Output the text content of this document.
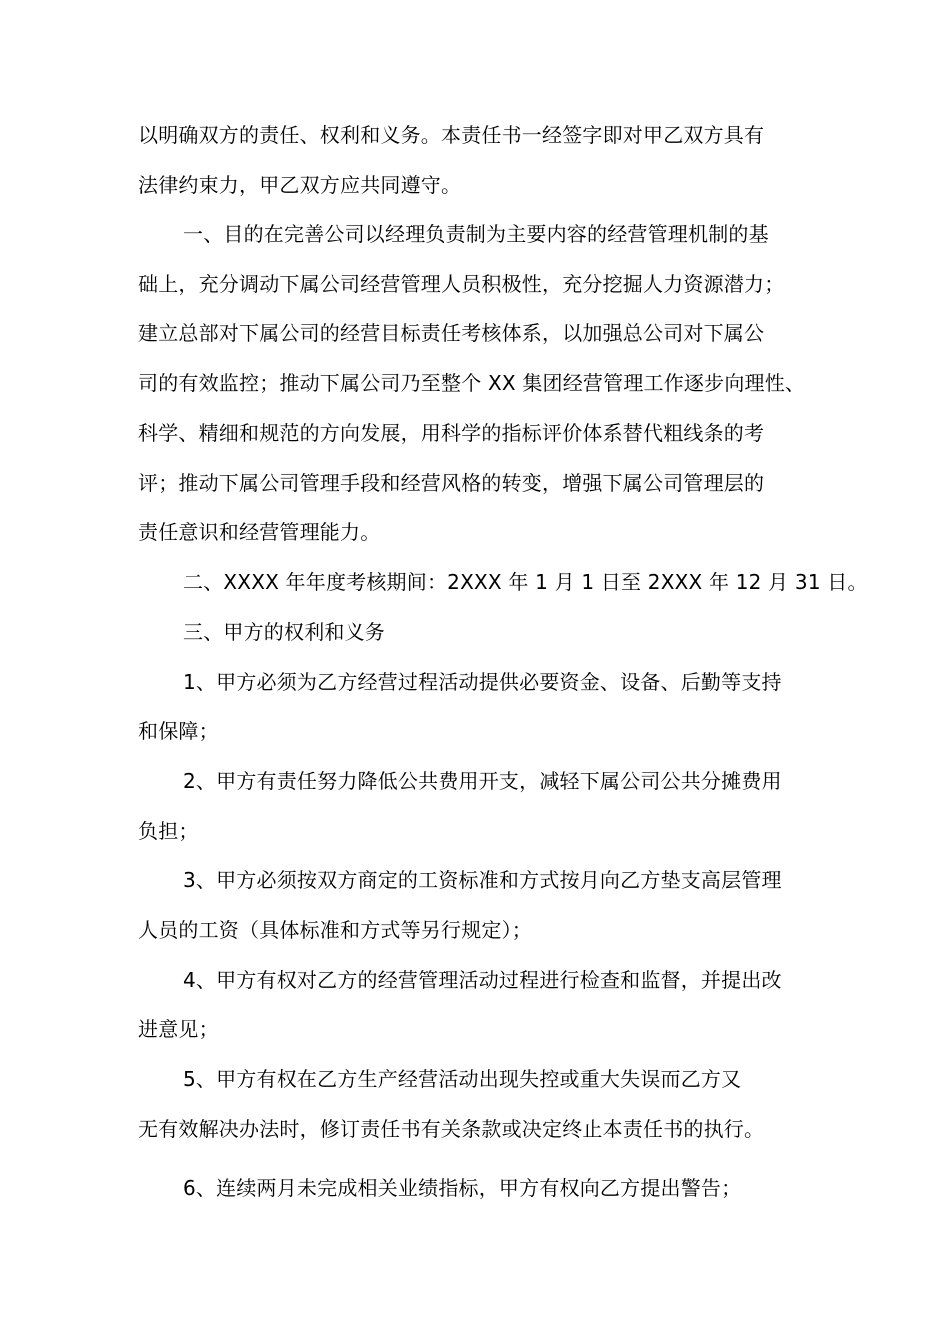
以明确双方的责任、权利和义务。本责任书一经签字即对甲乙双方具有
法律约束力，甲乙双方应共同遵守。
一、目的在完善公司以经理负责制为主要内容的经营管理机制的基
础上，充分调动下属公司经营管理人员积极性，充分挖掘人力资源潜力；
建立总部对下属公司的经营目标责任考核体系，以加强总公司对下属公
司的有效监控；推动下属公司乃至整个 XX 集团经营管理工作逐步向理性、
科学、精细和规范的方向发展，用科学的指标评价体系替代粗线条的考
评；推动下属公司管理手段和经营风格的转变，增强下属公司管理层的
责任意识和经营管理能力。
二、XXXX 年年度考核期间：2XXX 年 1 月 1 日至 2XXX 年 12 月 31 日。
三、甲方的权利和义务
1、甲方必须为乙方经营过程活动提供必要资金、设备、后勤等支持
和保障；
2、甲方有责任努力降低公共费用开支，减轻下属公司公共分摊费用
负担；
3、甲方必须按双方商定的工资标准和方式按月向乙方垫支高层管理
人员的工资（具体标准和方式等另行规定）；
4、甲方有权对乙方的经营管理活动过程进行检查和监督，并提出改
进意见；
5、甲方有权在乙方生产经营活动出现失控或重大失误而乙方又
无有效解决办法时，修订责任书有关条款或决定终止本责任书的执行。
6、连续两月未完成相关业绩指标，甲方有权向乙方提出警告；
